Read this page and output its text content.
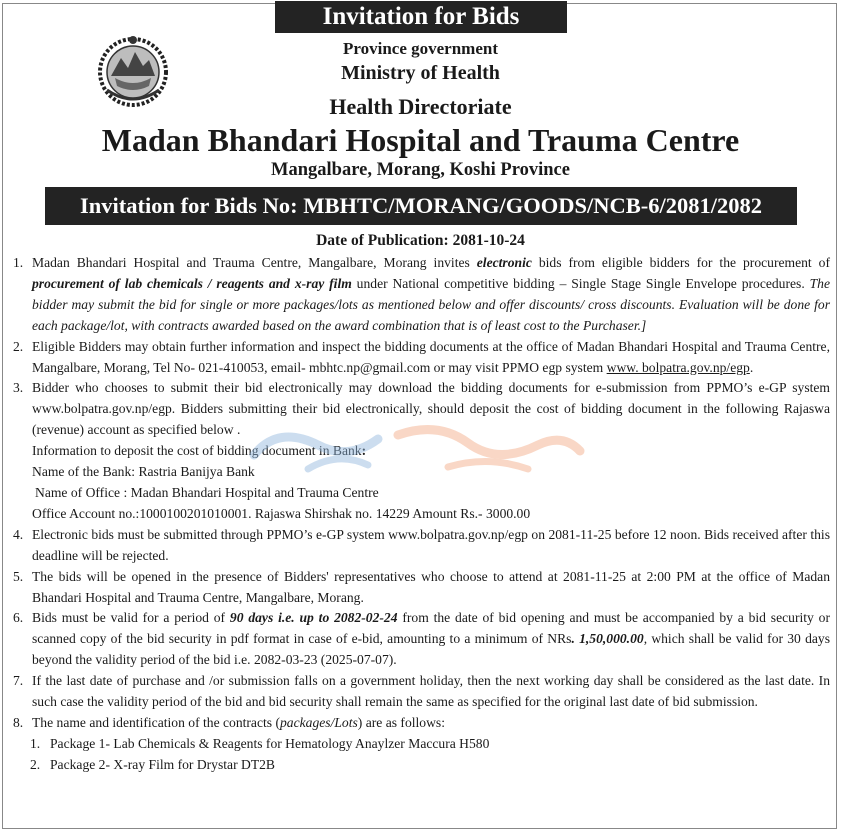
Invitation for Bids
Province government
Ministry of Health
Health Directoriate
Madan Bhandari Hospital and Trauma Centre
Mangalbare, Morang, Koshi Province
Invitation for Bids No: MBHTC/MORANG/GOODS/NCB-6/2081/2082
Date of Publication: 2081-10-24
1. Madan Bhandari Hospital and Trauma Centre, Mangalbare, Morang invites electronic bids from eligible bidders for the procurement of procurement of lab chemicals / reagents and x-ray film under National competitive bidding – Single Stage Single Envelope procedures. The bidder may submit the bid for single or more packages/lots as mentioned below and offer discounts/ cross discounts. Evaluation will be done for each package/lot, with contracts awarded based on the award combination that is of least cost to the Purchaser.]
2. Eligible Bidders may obtain further information and inspect the bidding documents at the office of Madan Bhandari Hospital and Trauma Centre, Mangalbare, Morang, Tel No- 021-410053, email- mbhtc.np@gmail.com or may visit PPMO egp system www. bolpatra.gov.np/egp.
3. Bidder who chooses to submit their bid electronically may download the bidding documents for e-submission from PPMO’s e-GP system www.bolpatra.gov.np/egp. Bidders submitting their bid electronically, should deposit the cost of bidding document in the following Rajaswa (revenue) account as specified below .
Information to deposit the cost of bidding document in Bank:
Name of the Bank: Rastria Banijya Bank
Name of Office : Madan Bhandari Hospital and Trauma Centre
Office Account no.:1000100201010001. Rajaswa Shirshak no. 14229 Amount Rs.- 3000.00
4. Electronic bids must be submitted through PPMO’s e-GP system www.bolpatra.gov.np/egp on 2081-11-25 before 12 noon. Bids received after this deadline will be rejected.
5. The bids will be opened in the presence of Bidders' representatives who choose to attend at 2081-11-25 at 2:00 PM at the office of Madan Bhandari Hospital and Trauma Centre, Mangalbare, Morang.
6. Bids must be valid for a period of 90 days i.e. up to 2082-02-24 from the date of bid opening and must be accompanied by a bid security or scanned copy of the bid security in pdf format in case of e-bid, amounting to a minimum of NRs. 1,50,000.00, which shall be valid for 30 days beyond the validity period of the bid i.e. 2082-03-23 (2025-07-07).
7. If the last date of purchase and /or submission falls on a government holiday, then the next working day shall be considered as the last date. In such case the validity period of the bid and bid security shall remain the same as specified for the original last date of bid submission.
8. The name and identification of the contracts (packages/Lots) are as follows:
1. Package 1- Lab Chemicals & Reagents for Hematology Anaylzer Maccura H580
2. Package 2- X-ray Film for Drystar DT2B
